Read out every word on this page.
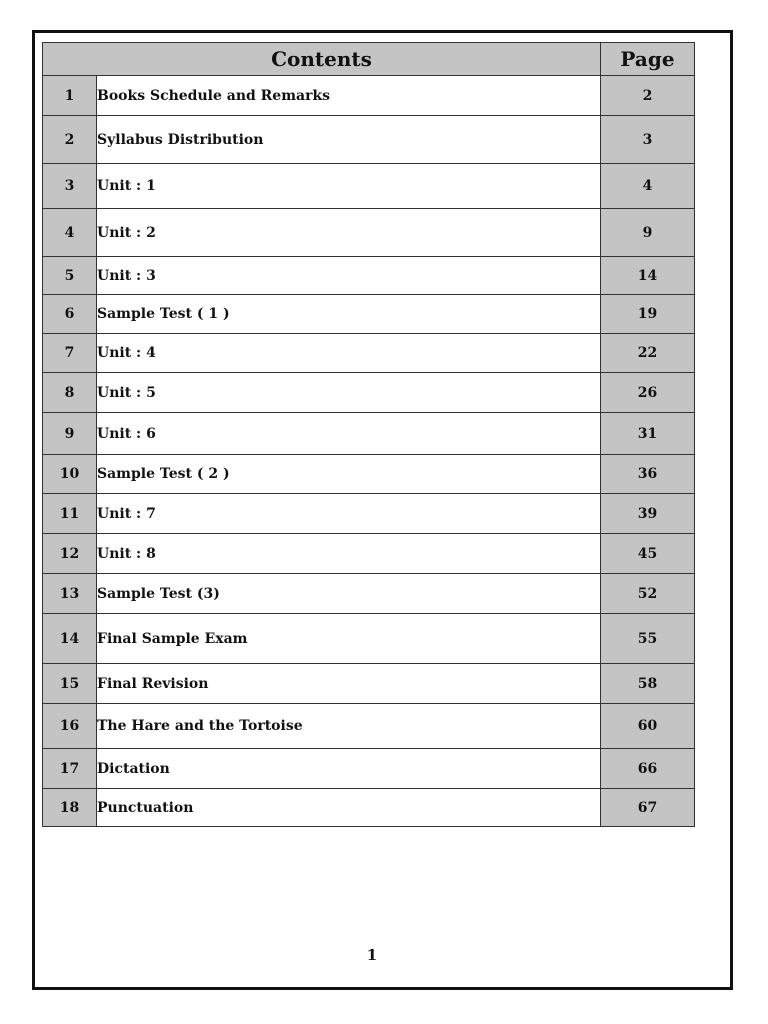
Contents		Page
1	Books Schedule and Remarks	2
2	Syllabus Distribution	3
3	Unit : 1	4
4	Unit : 2	9
5	Unit : 3	14
6	Sample Test ( 1 )	19
7	Unit : 4	22
8	Unit : 5	26
9	Unit : 6	31
10	Sample Test ( 2 )	36
11	Unit : 7	39
12	Unit : 8	45
13	Sample Test (3)	52
14	Final Sample Exam	55
15	Final Revision	58
16	The Hare and the Tortoise	60
17	Dictation	66
18	Punctuation	67
1
